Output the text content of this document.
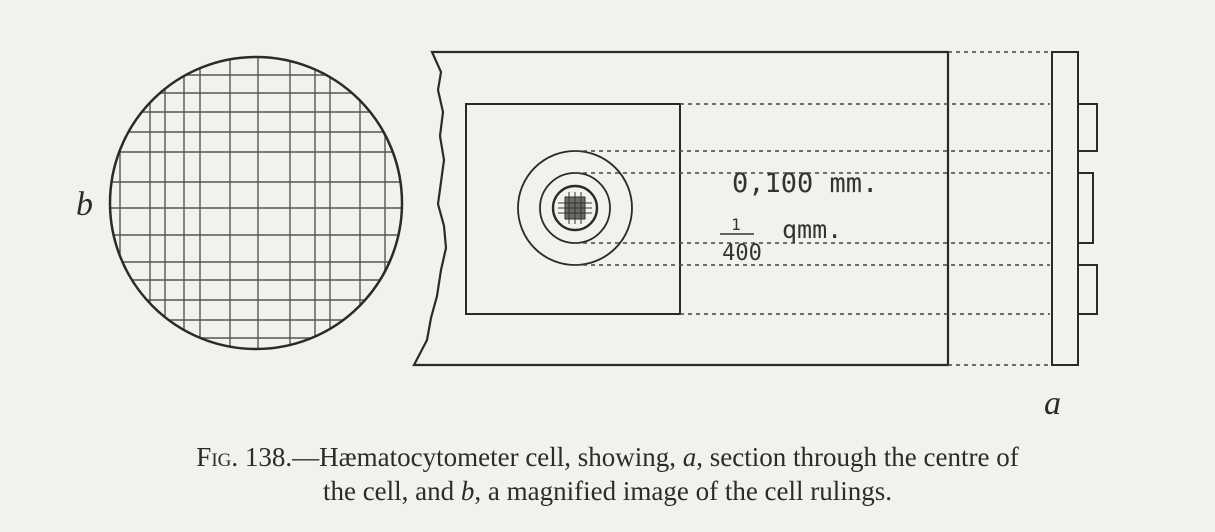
b
0,100 mm.
1
400
qmm.
a
Fig. 138.—Hæmatocytometer cell, showing, a, section through the centre of
the cell, and b, a magnified image of the cell rulings.
